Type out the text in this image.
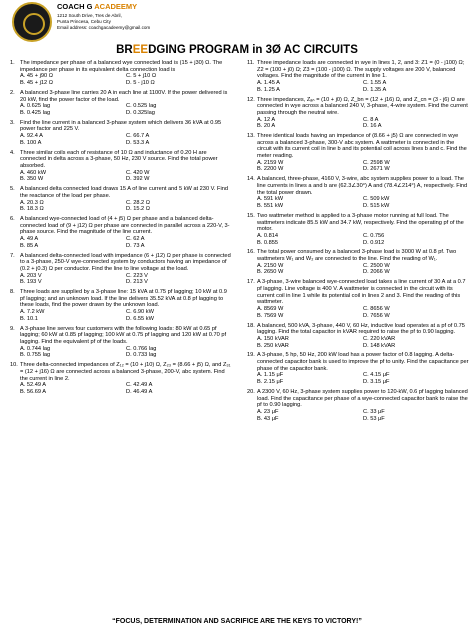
COACH G ACADEEMY
1212 South Drive, Tres de Abril,
Punta Princesa, Cebu City
Email address: coachgacadeemy@gmail.com
BREEDGING PROGRAM in 3Ø AC CIRCUITS
1. The impedance per phase of a balanced wye connected load is (15 + j30) Ω. The impedance per phase in its equivalent delta connection load is
A. 45 + j90 Ω	C. 5 + j10 Ω
B. 45 + j12 Ω	D. 5 - j10 Ω
2. A balanced 3-phase line carries 20 A in each line at 1100V. If the power delivered is 20 kW, find the power factor of the load.
A. 0.625 lag	C. 0.525 lag
B. 0.425 lag	D. 0.325lag
3. Find the line current in a balanced 3-phase system which delivers 36 kVA at 0.95 power factor and 225 V.
A. 92.4 A	C. 66.7 A
B. 100 A	D. 53.3 A
4. Three similar coils each of resistance of 10 Ω and inductance of 0.20 H are connected in delta across a 3-phase, 50 Hz, 230 V source. Find the total power absorbed.
A. 460 kW	C. 420 W
B. 350 W	D. 392 W
5. A balanced delta connected load draws 15 A of line current and 5 kW at 230 V. Find the reactance of the load per phase.
A. 20.3 Ω	C. 28.2 Ω
B. 18.3 Ω	D. 15.2 Ω
6. A balanced wye-connected load of (4 + j5) Ω per phase and a balanced delta-connected load of (9 + j12) Ω per phase are connected in parallel across a 220-V, 3-phase source. Find the magnitude of the line current.
A. 49 A	C. 62 A
B. 85 A	D. 73 A
7. A balanced delta-connected load with impedance (6 + j12) Ω per phase is connected to a 3-phase, 250-V wye-connected system by conductors having an impedance of (0.2 + j0.3) Ω per conductor. Find the line to line voltage at the load.
A. 203 V	C. 223 V
B. 193 V	D. 213 V
8. Three loads are supplied by a 3-phase line: 15 kVA at 0.75 pf lagging; 10 kW at 0.9 pf lagging; and an unknown load. If the line delivers 35.52 kVA at 0.8 pf lagging to these loads, find the power drawn by the unknown load.
A. 7.2 kW	C. 6.90 kW
B. 10.1	D. 6.55 kW
9. A 3-phase line serves four customers with the following loads: 80 kW at 0.65 pf lagging; 60 kW at 0.85 pf lagging; 100 kW at 0.75 pf lagging and 120 kW at 0.70 pf lagging. Find the equivalent pf of the loads.
A. 0.744 lag	C. 0.766 lag
B. 0.755 lag	D. 0.733 lag
10. Three delta-connected impedances of Z₁₂ = (10 + j10) Ω, Z₂₃ = (8.66 + j5) Ω, and Z₃₁ = (12 + j16) Ω are connected across a balanced 3-phase, 200-V, abc system. Find the current in line 2.
A. 52.49 A	C. 42.49 A
B. 56.69 A	D. 46.49 A
11. Three impedance loads are connected in wye in lines 1, 2, and 3: Z1 = (0 - j100) Ω; Z2 = (100 + j0) Ω; Z3 = (100 - j100) Ω. The supply voltages are 200 V, balanced voltages. Find the magnitude of the current in line 1.
A. 1.45 A	C. 1.55 A
B. 1.25 A	D. 1.35 A
12. Three impedances, Zₐₙ = (10 + j0) Ω, Z_bn = (12 + j16) Ω, and Z_cn = (3 - j6) Ω are connected in wye across a balanced 240 V, 3-phase, 4-wire system. Find the current passing through the neutral wire.
A. 12 A	C. 8 A
B. 20 A	D. 16 A
13. Three identical loads having an impedance of (8.66 + j5) Ω are connected in wye across a balanced 3-phase, 300-V abc system. A wattmeter is connected in the circuit with its current coil in line b and its potential coil across lines b and c. Find the meter reading.
A. 2159 W	C. 2598 W
B. 2200 W	D. 2671 W
14. A balanced, three-phase, 4160 V, 3-wire, abc system supplies power to a load. The line currents in lines a and b are (62.3∠30°) A and (78.4∠214°) A, respectively. Find the total power drawn.
A. 591 kW	C. 509 kW
B. 551 kW	D. 515 kW
15. Two wattmeter method is applied to a 3-phase motor running at full load. The wattmeters indicate 85.5 kW and 34.7 kW, respectively. Find the operating pf of the motor.
A. 0.814	C. 0.756
B. 0.855	D. 0.912
16. The total power consumed by a balanced 3-phase load is 3000 W at 0.8 pf. Two wattmeters W₁ and W₂ are connected to the line. Find the reading of W₁.
A. 2150 W	C. 2500 W
B. 2650 W	D. 2066 W
17. A 3-phase, 3-wire balanced wye-connected load takes a line current of 30 A at a 0.7 pf lagging. Line voltage is 400 V. A wattmeter is connected in the circuit with its current coil in line 1 while its potential coil in lines 2 and 3. Find the reading of this wattmeter.
A. 8569 W	C. 8656 W
B. 7569 W	D. 7656 W
18. A balanced, 500 kVA, 3-phase, 440 V, 60 Hz, inductive load operates at a pf of 0.75 lagging. Find the total capacitor in kVAR required to raise the pf to 0.90 lagging.
A. 150 kVAR	C. 220 kVAR
B. 250 kVAR	D. 148 kVAR
19. A 3-phase, 5 hp, 50 Hz, 200 kW load has a power factor of 0.8 lagging. A delta-connected capacitor bank is used to improve the pf to unity. Find the capacitance per phase of the capacitor bank.
A. 1.15 μF	C. 4.15 μF
B. 2.15 μF	D. 3.15 μF
20. A 2300 V, 60 Hz, 3-phase system supplies power to 120-kW, 0.6 pf lagging balanced load. Find the capacitance per phase of a wye-connected capacitor bank to raise the pf to 0.90 lagging.
A. 23 μF	C. 33 μF
B. 43 μF	D. 53 μF
“FOCUS, DETERMINATION AND SACRIFICE ARE THE KEYS TO VICTORY!”
